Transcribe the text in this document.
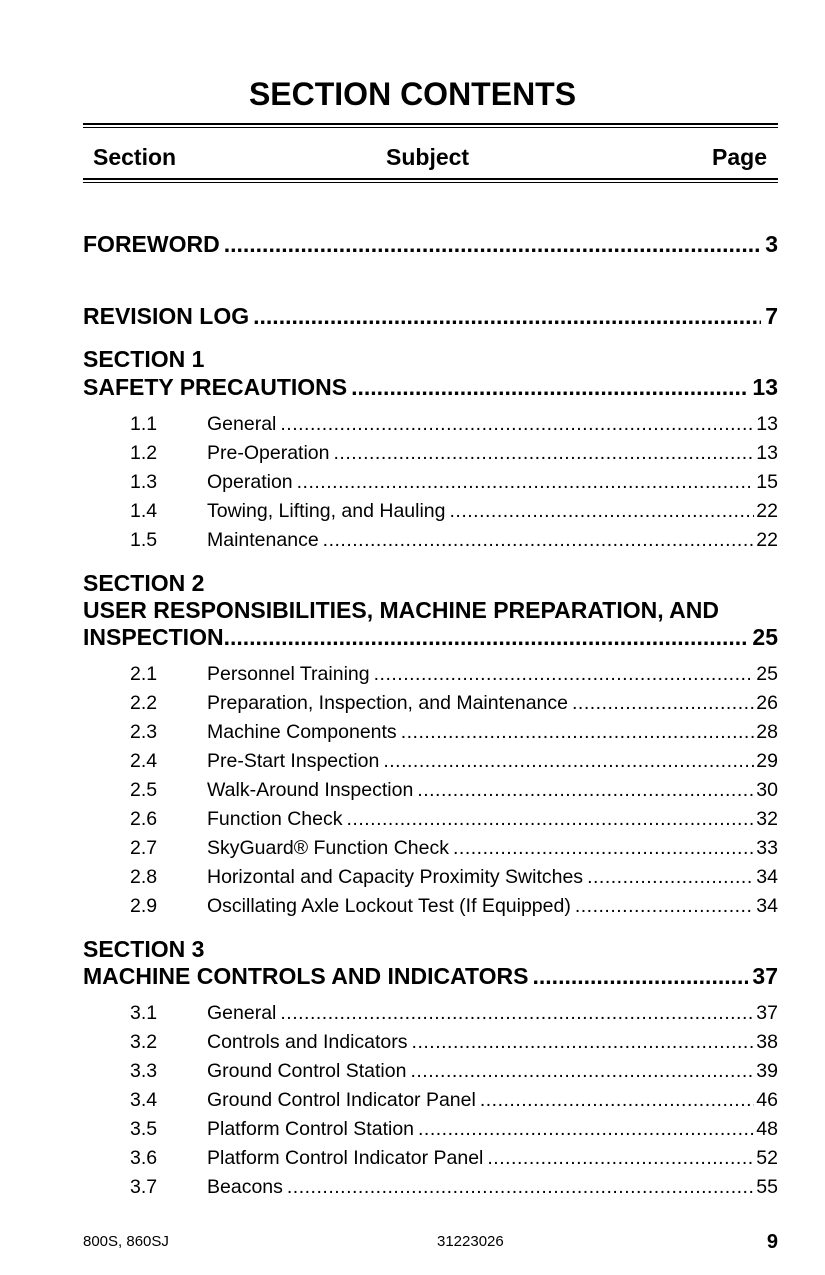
SECTION CONTENTS
Section	Subject	Page
FOREWORD .....	3
REVISION LOG .....	7
SECTION 1
SAFETY PRECAUTIONS .....	13
1.1	General .....	13
1.2	Pre-Operation .....	13
1.3	Operation .....	15
1.4	Towing, Lifting, and Hauling .....	22
1.5	Maintenance .....	22
SECTION 2
USER RESPONSIBILITIES, MACHINE PREPARATION, AND
INSPECTION .....	25
2.1	Personnel Training .....	25
2.2	Preparation, Inspection, and Maintenance .....	26
2.3	Machine Components .....	28
2.4	Pre-Start Inspection .....	29
2.5	Walk-Around Inspection .....	30
2.6	Function Check .....	32
2.7	SkyGuard® Function Check .....	33
2.8	Horizontal and Capacity Proximity Switches .....	34
2.9	Oscillating Axle Lockout Test (If Equipped) .....	34
SECTION 3
MACHINE CONTROLS AND INDICATORS .....	37
3.1	General .....	37
3.2	Controls and Indicators .....	38
3.3	Ground Control Station .....	39
3.4	Ground Control Indicator Panel .....	46
3.5	Platform Control Station .....	48
3.6	Platform Control Indicator Panel .....	52
3.7	Beacons .....	55
800S, 860SJ	31223026	9
